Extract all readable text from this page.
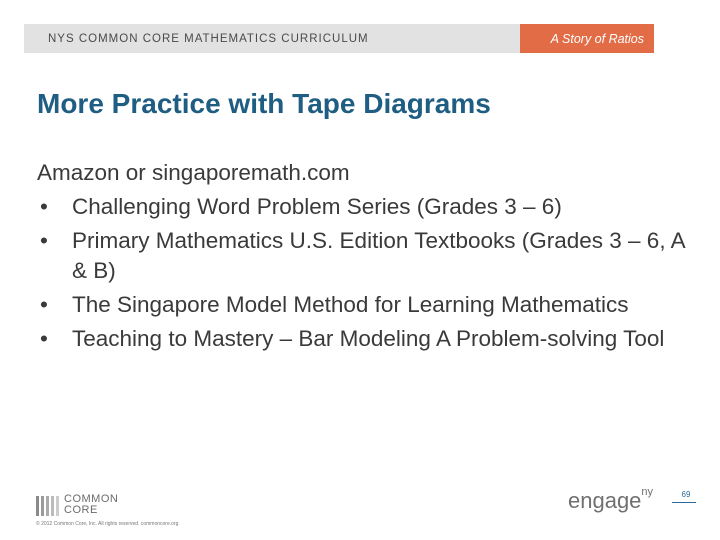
NYS COMMON CORE MATHEMATICS CURRICULUM	A Story of Ratios
More Practice with Tape Diagrams
Amazon or singaporemath.com
•	Challenging Word Problem Series (Grades 3 – 6)
•	Primary Mathematics U.S. Edition Textbooks (Grades 3 – 6, A & B)
•	The Singapore Model Method for Learning Mathematics
•	Teaching to Mastery – Bar Modeling A Problem-solving Tool
COMMON
CORE
© 2012 Common Core, Inc. All rights reserved. commoncore.org
engage$^{ny}$	69
